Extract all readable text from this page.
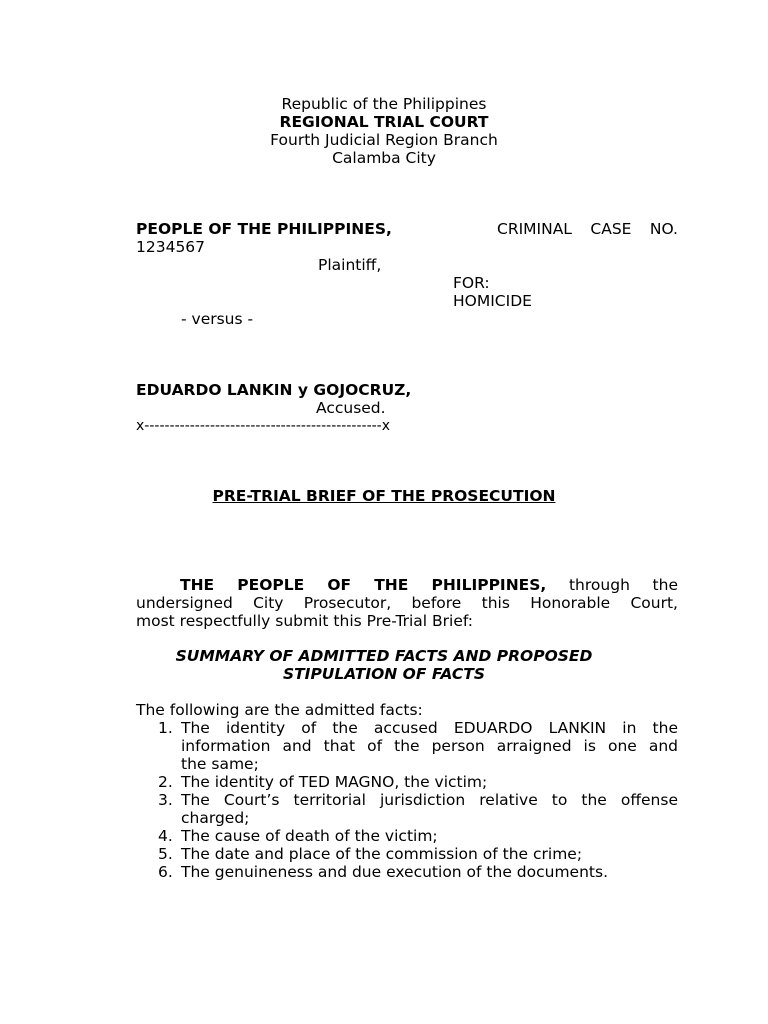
Republic of the Philippines
REGIONAL TRIAL COURT
Fourth Judicial Region Branch
Calamba City
PEOPLE OF THE PHILIPPINES,	CRIMINAL CASE NO.
1234567
Plaintiff,
FOR:
HOMICIDE
- versus -
EDUARDO LANKIN y GOJOCRUZ,
Accused.
x-----------------------------------------------x
PRE-TRIAL BRIEF OF THE PROSECUTION
THE PEOPLE OF THE PHILIPPINES, through the
undersigned City Prosecutor, before this Honorable Court,
most respectfully submit this Pre-Trial Brief:
SUMMARY OF ADMITTED FACTS AND PROPOSED
STIPULATION OF FACTS
The following are the admitted facts:
1. The identity of the accused EDUARDO LANKIN in the
information and that of the person arraigned is one and
the same;
2. The identity of TED MAGNO, the victim;
3. The Court’s territorial jurisdiction relative to the offense
charged;
4. The cause of death of the victim;
5. The date and place of the commission of the crime;
6. The genuineness and due execution of the documents.
